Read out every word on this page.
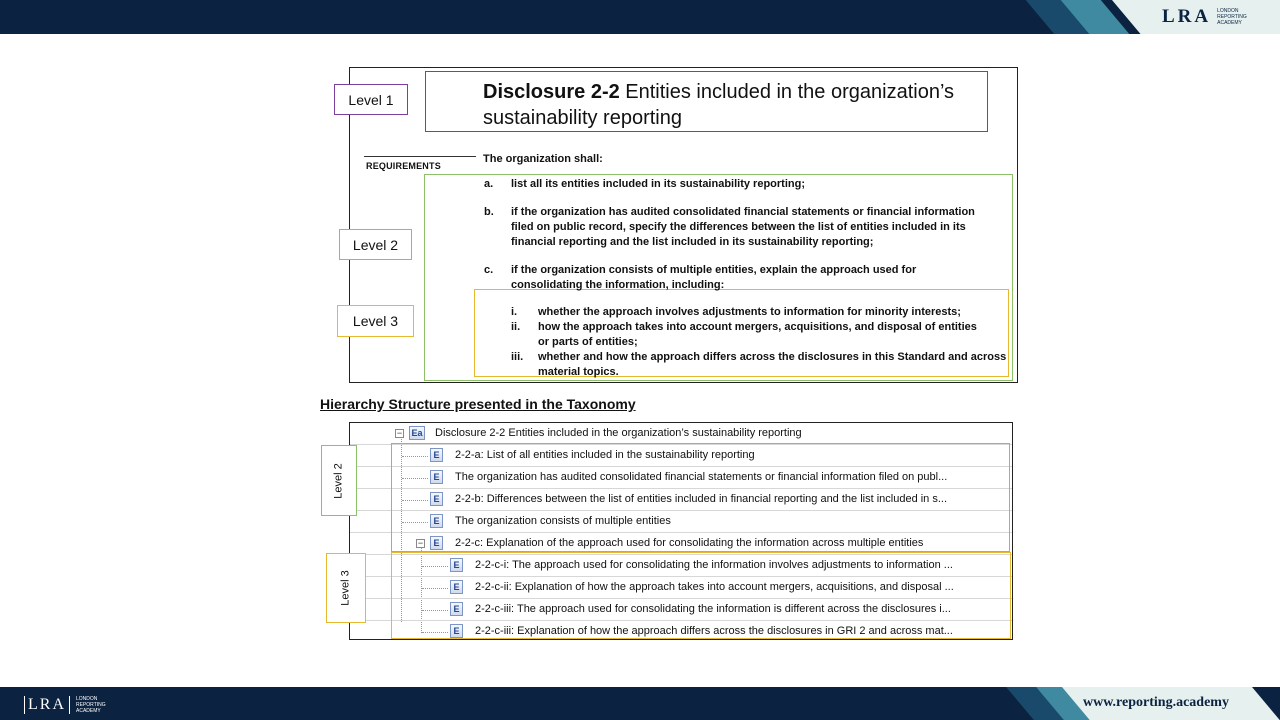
LRA LONDON REPORTING ACADEMY
Level 1
Level 2
Level 3
Disclosure 2-2 Entities included in the organization’s sustainability reporting
REQUIREMENTS
The organization shall:
a. list all its entities included in its sustainability reporting;
b. if the organization has audited consolidated financial statements or financial information filed on public record, specify the differences between the list of entities included in its financial reporting and the list included in its sustainability reporting;
c. if the organization consists of multiple entities, explain the approach used for consolidating the information, including:
i. whether the approach involves adjustments to information for minority interests;
ii. how the approach takes into account mergers, acquisitions, and disposal of entities or parts of entities;
iii. whether and how the approach differs across the disclosures in this Standard and across material topics.
Hierarchy Structure presented in the Taxonomy
− Ea Disclosure 2-2 Entities included in the organization’s sustainability reporting
E	2-2-a: List of all entities included in the sustainability reporting
E	The organization has audited consolidated financial statements or financial information filed on publ...
E	2-2-b: Differences between the list of entities included in financial reporting and the list included in s...
E	The organization consists of multiple entities
−	E	2-2-c: Explanation of the approach used for consolidating the information across multiple entities
E	2-2-c-i: The approach used for consolidating the information involves adjustments to information ...
E	2-2-c-ii: Explanation of how the approach takes into account mergers, acquisitions, and disposal ...
E	2-2-c-iii: The approach used for consolidating the information is different across the disclosures i...
E	2-2-c-iii: Explanation of how the approach differs across the disclosures in GRI 2 and across mat...
Level 2
Level 3
LRA	LONDON REPORTING ACADEMY
www.reporting.academy
